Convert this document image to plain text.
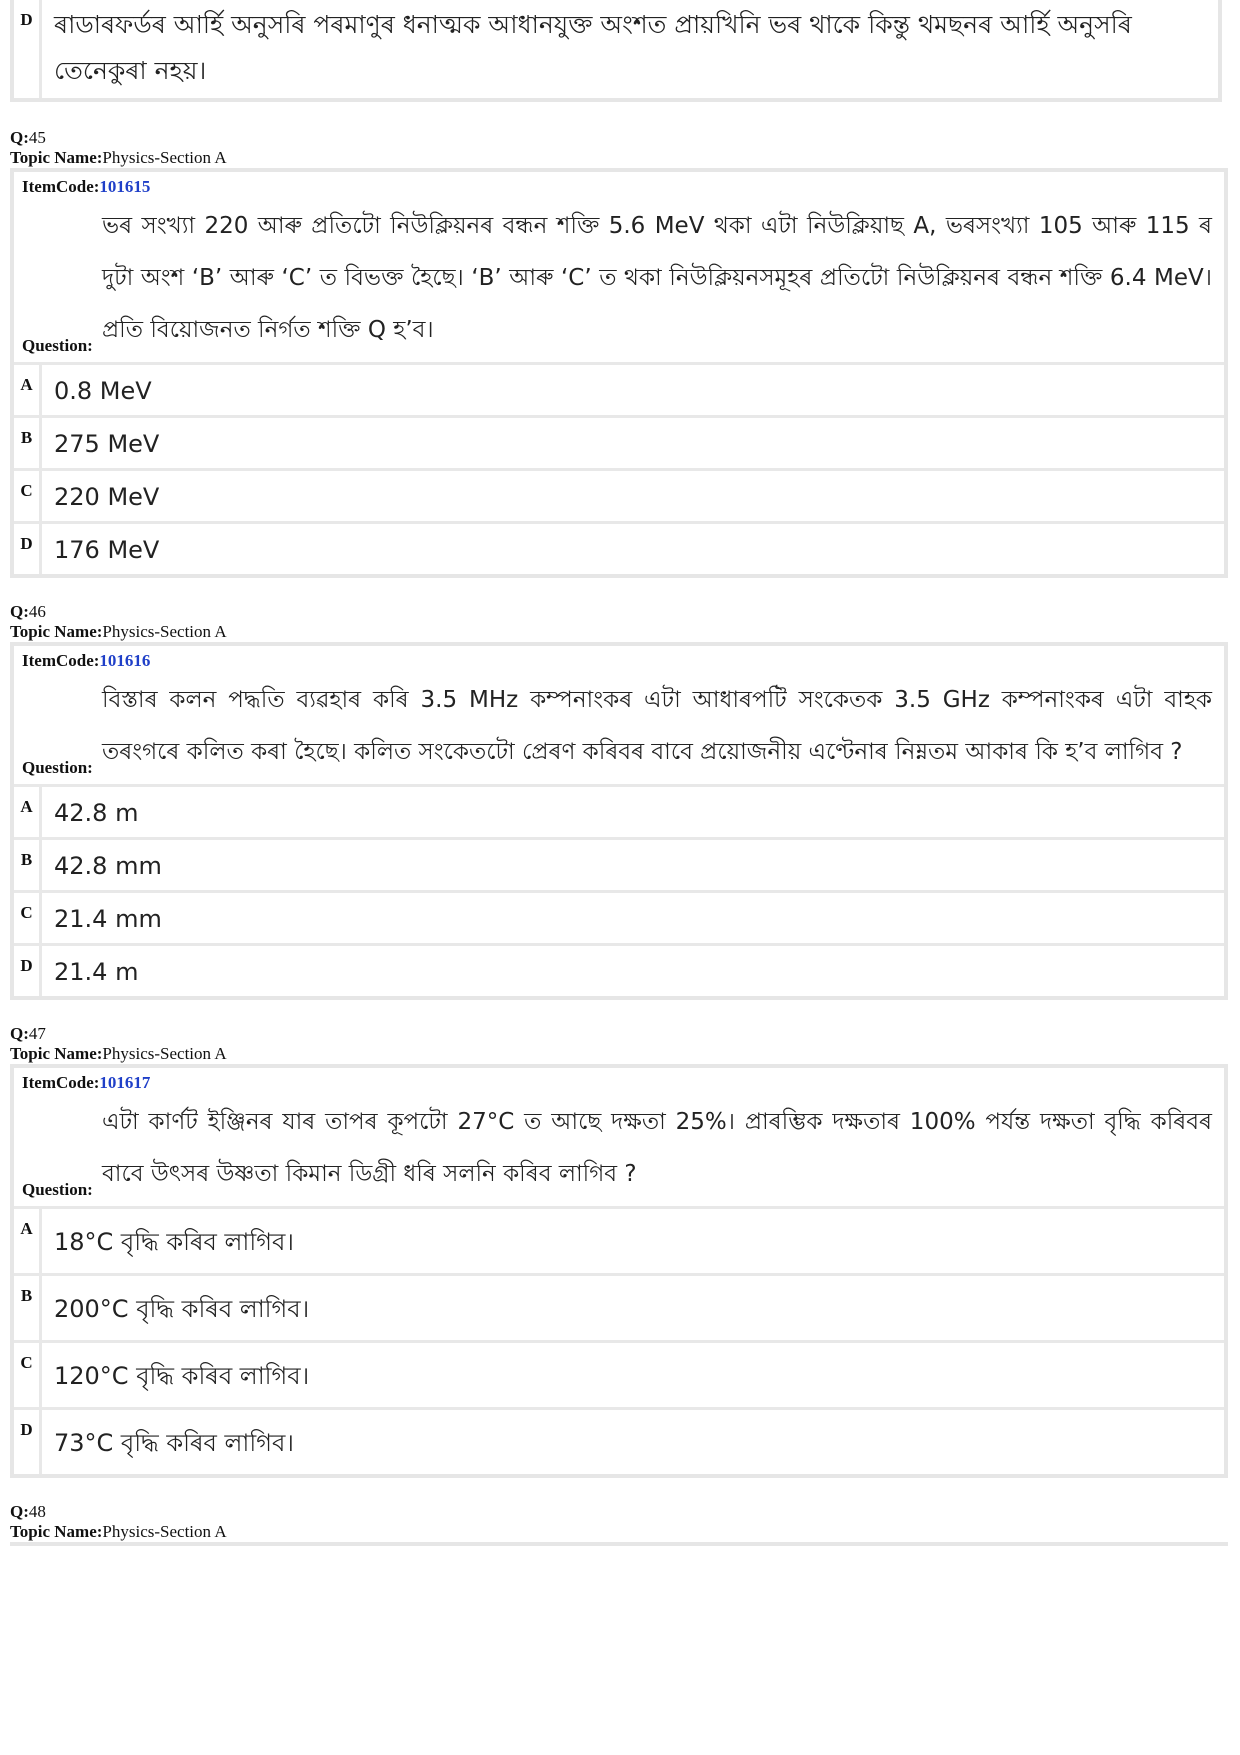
D ৰাডাৰফৰ্ডৰ আৰ্হি অনুসৰি পৰমাণুৰ ধনাত্মক আধানযুক্ত অংশত প্ৰায়খিনি ভৰ থাকে কিন্তু থমছনৰ আৰ্হি অনুসৰি তেনেকুৰা নহয়।
Q:45
Topic Name:Physics-Section A
ItemCode:101615
Question:
ভৰ সংখ্যা 220 আৰু প্ৰতিটো নিউক্লিয়নৰ বন্ধন শক্তি 5.6 MeV থকা এটা নিউক্লিয়াছ A, ভৰসংখ্যা 105 আৰু 115 ৰ দুটা অংশ ‘B’ আৰু ‘C’ ত বিভক্ত হৈছে। ‘B’ আৰু ‘C’ ত থকা নিউক্লিয়নসমূহৰ প্ৰতিটো নিউক্লিয়নৰ বন্ধন শক্তি 6.4 MeV। প্ৰতি বিয়োজনত নিৰ্গত শক্তি Q হ’ব।
A 0.8 MeV
B 275 MeV
C 220 MeV
D 176 MeV
Q:46
Topic Name:Physics-Section A
ItemCode:101616
Question:
বিস্তাৰ কলন পদ্ধতি ব্যৱহাৰ কৰি 3.5 MHz কম্পনাংকৰ এটা আধাৰপটি সংকেতক 3.5 GHz কম্পনাংকৰ এটা বাহক তৰংগৰে কলিত কৰা হৈছে। কলিত সংকেতটো প্ৰেৰণ কৰিবৰ বাবে প্ৰয়োজনীয় এণ্টেনাৰ নিম্নতম আকাৰ কি হ’ব লাগিব ?
A 42.8 m
B 42.8 mm
C 21.4 mm
D 21.4 m
Q:47
Topic Name:Physics-Section A
ItemCode:101617
Question:
এটা কাৰ্ণট ইঞ্জিনৰ যাৰ তাপৰ কূপটো 27°C ত আছে দক্ষতা 25%। প্ৰাৰম্ভিক দক্ষতাৰ 100% পৰ্যন্ত দক্ষতা বৃদ্ধি কৰিবৰ বাবে উৎসৰ উষ্ণতা কিমান ডিগ্ৰী ধৰি সলনি কৰিব লাগিব ?
A 18°C বৃদ্ধি কৰিব লাগিব।
B 200°C বৃদ্ধি কৰিব লাগিব।
C 120°C বৃদ্ধি কৰিব লাগিব।
D 73°C বৃদ্ধি কৰিব লাগিব।
Q:48
Topic Name:Physics-Section A
